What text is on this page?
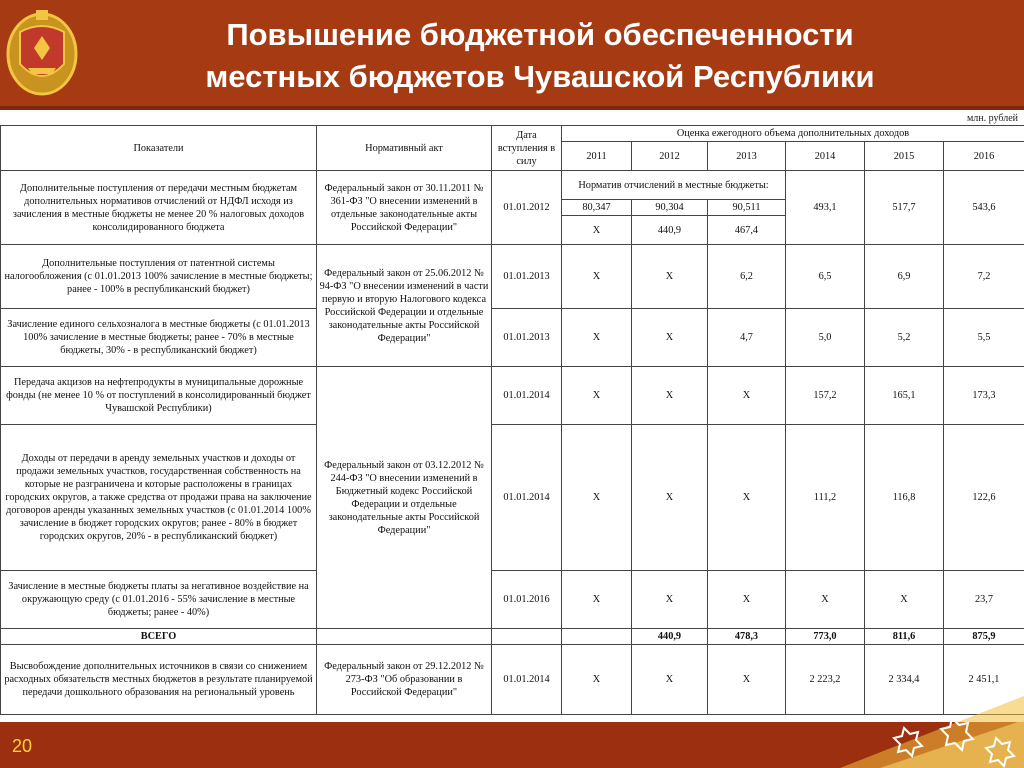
Повышение бюджетной обеспеченности
местных бюджетов Чувашской Республики
млн. рублей
Показатели	Нормативный акт	Дата вступления в силу	Оценка ежегодного объема дополнительных доходов					
			2011	2012	2013	2014	2015	2016
Дополнительные поступления от передачи местным бюджетам дополнительных нормативов отчислений от НДФЛ исходя из зачисления в местные бюджеты не менее 20 % налоговых доходов консолидированного бюджета	Федеральный закон от 30.11.2011 № 361-ФЗ "О внесении изменений в отдельные законодательные акты Российской Федерации"	01.01.2012	Норматив отчислений в местные бюджеты:			493,1	517,7	543,6
			80,347	90,304	90,511			
			Х	440,9	467,4			
Дополнительные поступления от патентной системы налогообложения (с 01.01.2013 100% зачисление в местные бюджеты; ранее - 100% в республиканский бюджет)	Федеральный закон от 25.06.2012 № 94-ФЗ "О внесении изменений в части первую и вторую Налогового кодекса Российской Федерации и отдельные законодательные акты Российской Федерации"	01.01.2013	Х	Х	6,2	6,5	6,9	7,2
Зачисление единого сельхозналога в местные бюджеты (с 01.01.2013 100% зачисление в местные бюджеты; ранее - 70% в местные бюджеты, 30% - в республиканский бюджет)		01.01.2013	Х	Х	4,7	5,0	5,2	5,5
Передача акцизов на нефтепродукты в муниципальные дорожные фонды (не менее 10 % от поступлений в консолидированный бюджет Чувашской Республики)	Федеральный закон от 03.12.2012 № 244-ФЗ "О внесении изменений в Бюджетный кодекс Российской Федерации и отдельные законодательные акты Российской Федерации"	01.01.2014	Х	Х	Х	157,2	165,1	173,3
Доходы от передачи в аренду земельных участков и доходы от продажи земельных участков, государственная собственность на которые не разграничена и которые расположены в границах городских округов, а также средства от продажи права на заключение договоров аренды указанных земельных участков (с 01.01.2014 100% зачисление в бюджет городских округов; ранее - 80% в бюджет городских округов, 20% - в республиканский бюджет)		01.01.2014	Х	Х	Х	111,2	116,8	122,6
Зачисление в местные бюджеты платы за негативное воздействие на окружающую среду (с 01.01.2016 - 55% зачисление в местные бюджеты; ранее - 40%)		01.01.2016	Х	Х	Х	Х	Х	23,7
ВСЕГО				440,9	478,3	773,0	811,6	875,9
Высвобождение дополнительных источников в связи со снижением расходных обязательств местных бюджетов в результате планируемой передачи дошкольного образования на региональный уровень	Федеральный закон от 29.12.2012 № 273-ФЗ "Об образовании в Российской Федерации"	01.01.2014	Х	Х	Х	2 223,2	2 334,4	2 451,1
20
